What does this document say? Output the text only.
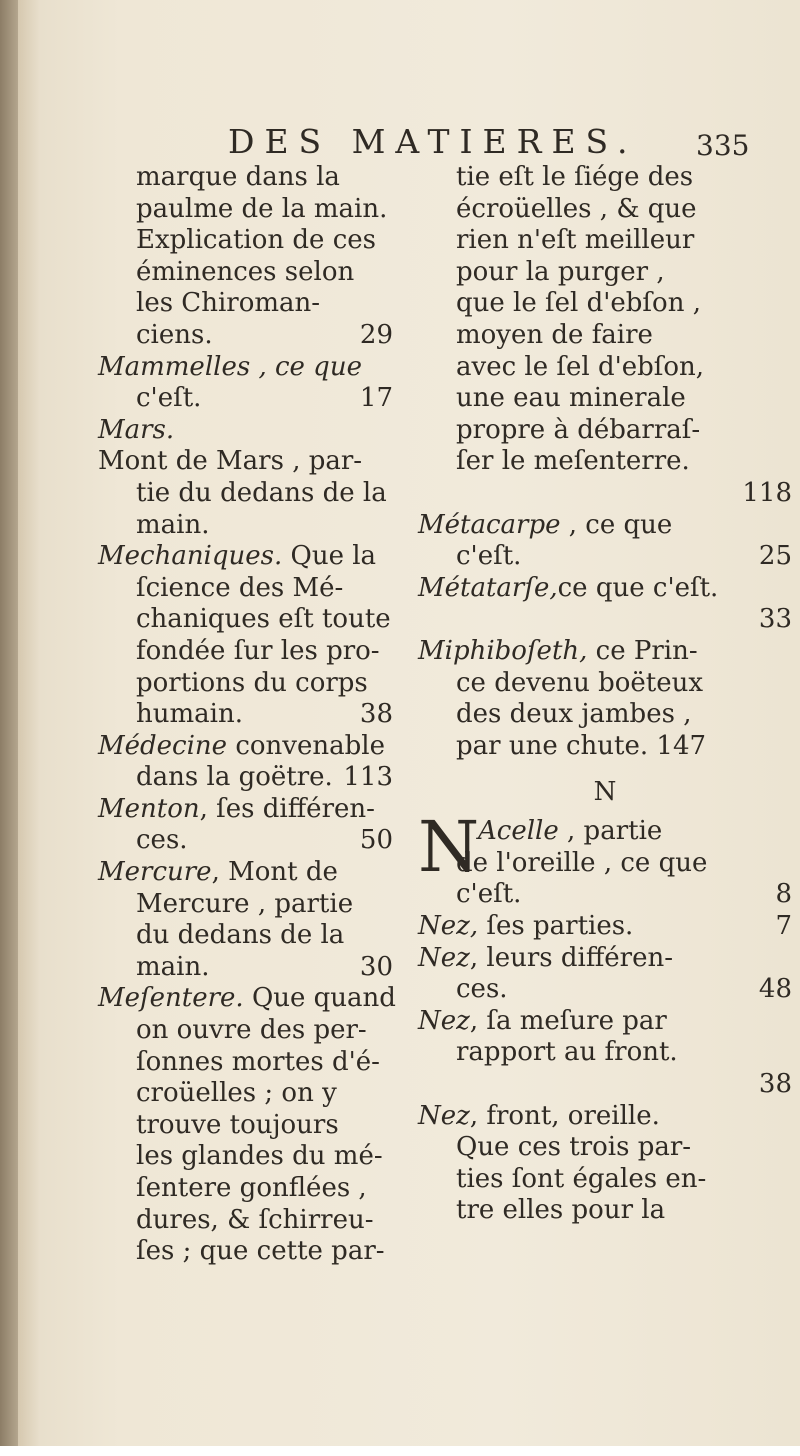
DES MATIERES. 335
marque dans la
paulme de la main.
Explication de ces
éminences selon
les Chiroman-
ciens.	29
Mammelles , ce que
c'eſt.	17
Mars.
Mont de Mars , par-
tie du dedans de la
main.
Mechaniques. Que la
ſcience des Mé-
chaniques eſt toute
fondée ſur les pro-
portions du corps
humain.	38
Médecine convenable
dans la goëtre. 113
Menton, ſes différen-
ces.	50
Mercure, Mont de
Mercure , partie
du dedans de la
main.	30
Meſentere. Que quand
on ouvre des per-
ſonnes mortes d'é-
croüelles ; on y
trouve toujours
les glandes du mé-
ſentere gonflées ,
dures, & ſchirreu-
ſes ; que cette par-
tie eſt le ſiége des
écroüelles , & que
rien n'eſt meilleur
pour la purger ,
que le ſel d'ebſon ,
moyen de faire
avec le ſel d'ebſon,
une eau minerale
propre à débarraſ-
ſer le meſenterre.
118
Métacarpe , ce que
c'eſt.	25
Métatarſe,ce que c'eſt.
33
Miphiboſeth, ce Prin-
ce devenu boëteux
des deux jambes ,
par une chute. 147
N
N
Acelle , partie
de l'oreille , ce que
c'eſt.	8
Nez, ſes parties.	7
Nez, leurs différen-
ces.	48
Nez, ſa meſure par
rapport au front.
38
Nez, front, oreille.
Que ces trois par-
ties ſont égales en-
tre elles pour la
